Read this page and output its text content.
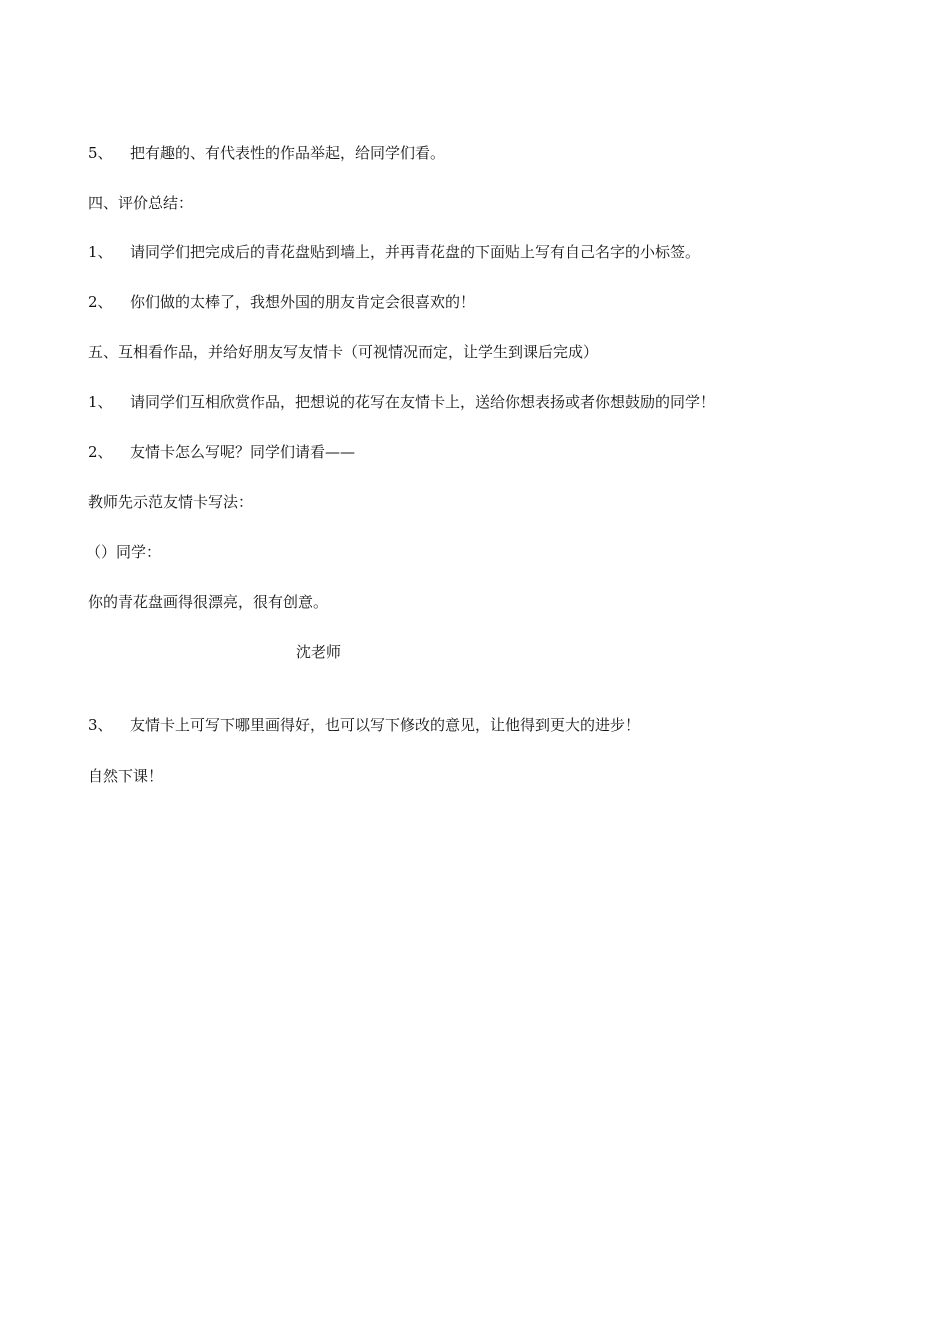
5、 把有趣的、有代表性的作品举起，给同学们看。
四、评价总结：
1、 请同学们把完成后的青花盘贴到墙上，并再青花盘的下面贴上写有自己名字的小标签。
2、 你们做的太棒了，我想外国的朋友肯定会很喜欢的！
五、互相看作品，并给好朋友写友情卡（可视情况而定，让学生到课后完成）
1、 请同学们互相欣赏作品，把想说的花写在友情卡上，送给你想表扬或者你想鼓励的同学！
2、 友情卡怎么写呢？同学们请看——
教师先示范友情卡写法：
（）同学：
你的青花盘画得很漂亮，很有创意。
沈老师
3、 友情卡上可写下哪里画得好，也可以写下修改的意见，让他得到更大的进步！
自然下课！
